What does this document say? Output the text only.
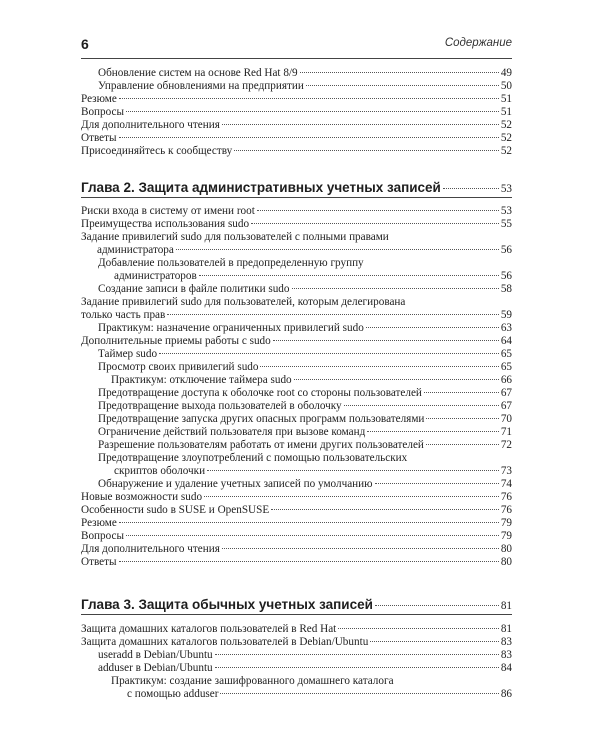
6	Содержание
Обновление систем на основе Red Hat 8/9	49
Управление обновлениями на предприятии	50
Резюме	51
Вопросы	51
Для дополнительного чтения	52
Ответы	52
Присоединяйтесь к сообществу	52
Глава 2. Защита административных учетных записей	53
Риски входа в систему от имени root	53
Преимущества использования sudo	55
Задание привилегий sudo для пользователей с полными правами
администратора	56
Добавление пользователей в предопределенную группу
администраторов	56
Создание записи в файле политики sudo	58
Задание привилегий sudo для пользователей, которым делегирована
только часть прав	59
Практикум: назначение ограниченных привилегий sudo	63
Дополнительные приемы работы с sudo	64
Таймер sudo	65
Просмотр своих привилегий sudo	65
Практикум: отключение таймера sudo	66
Предотвращение доступа к оболочке root со стороны пользователей	67
Предотвращение выхода пользователей в оболочку	67
Предотвращение запуска других опасных программ пользователями	70
Ограничение действий пользователя при вызове команд	71
Разрешение пользователям работать от имени других пользователей	72
Предотвращение злоупотреблений с помощью пользовательских
скриптов оболочки	73
Обнаружение и удаление учетных записей по умолчанию	74
Новые возможности sudo	76
Особенности sudo в SUSE и OpenSUSE	76
Резюме	79
Вопросы	79
Для дополнительного чтения	80
Ответы	80
Глава 3. Защита обычных учетных записей	81
Защита домашних каталогов пользователей в Red Hat	81
Защита домашних каталогов пользователей в Debian/Ubuntu	83
useradd в Debian/Ubuntu	83
adduser в Debian/Ubuntu	84
Практикум: создание зашифрованного домашнего каталога
с помощью adduser	86
